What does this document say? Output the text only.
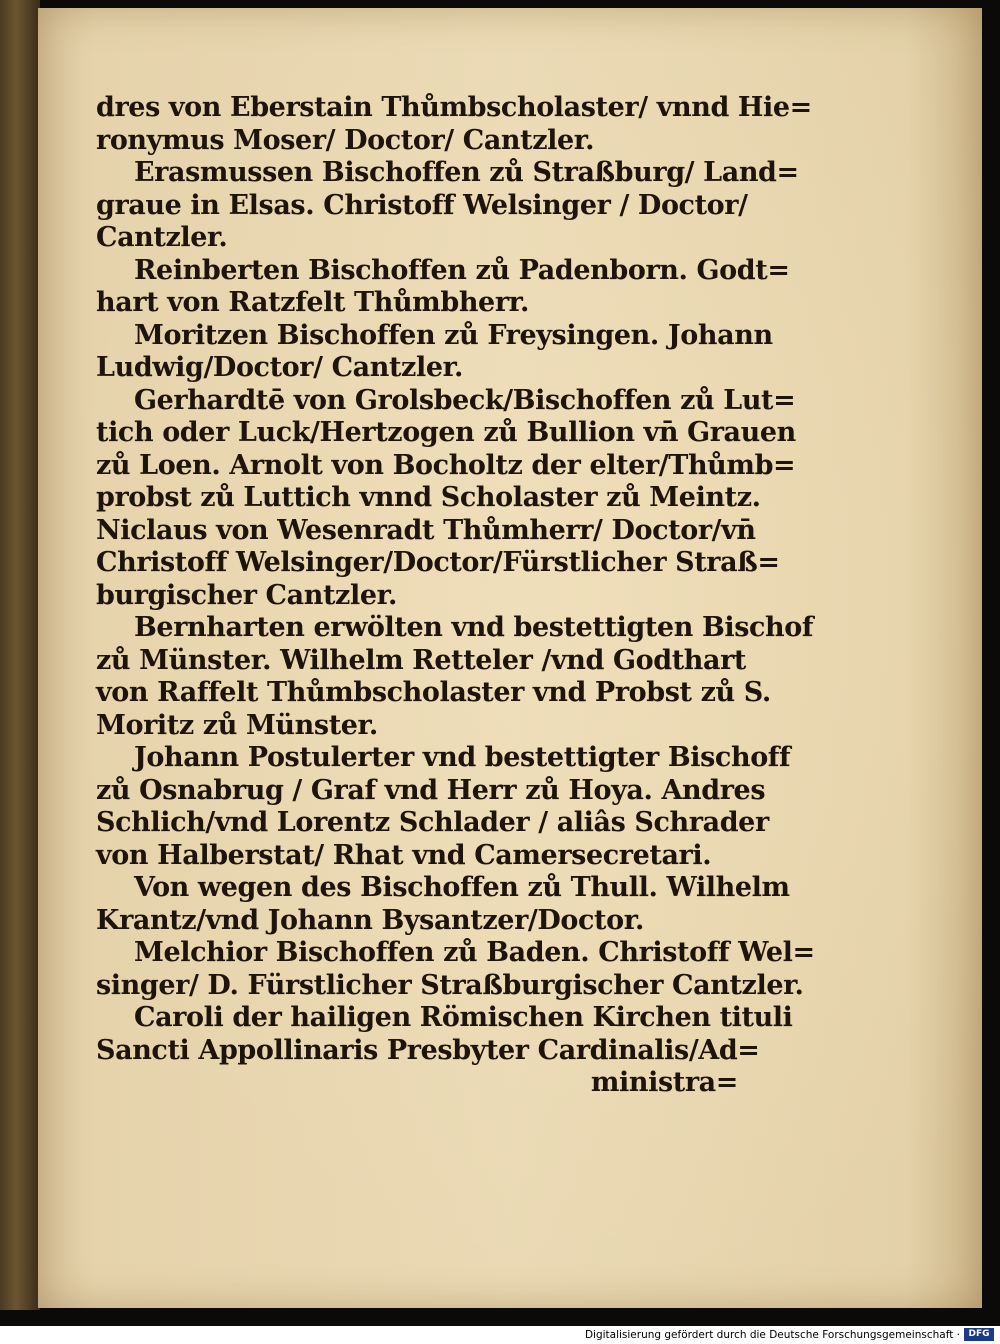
dres von Eberstain Thůmbscholaster/ vnnd Hie=
ronymus Moser/ Doctor/ Cantzler.
Erasmussen Bischoffen zů Straßburg/ Land=
graue in Elsas. Christoff Welsinger / Doctor/
Cantzler.
Reinberten Bischoffen zů Padenborn. Godt=
hart von Ratzfelt Thůmbherr.
Moritzen Bischoffen zů Freysingen. Johann
Ludwig/Doctor/ Cantzler.
Gerhardtē von Grolsbeck/Bischoffen zů Lut=
tich oder Luck/Hertzogen zů Bullion vn̄ Grauen
zů Loen. Arnolt von Bocholtz der elter/Thůmb=
probst zů Luttich vnnd Scholaster zů Meintz.
Niclaus von Wesenradt Thůmherr/ Doctor/vn̄
Christoff Welsinger/Doctor/Fürstlicher Straß=
burgischer Cantzler.
Bernharten erwölten vnd bestettigten Bischof
zů Münster. Wilhelm Retteler /vnd Godthart
von Raffelt Thůmbscholaster vnd Probst zů S.
Moritz zů Münster.
Johann Postulerter vnd bestettigter Bischoff
zů Osnabrug / Graf vnd Herr zů Hoya. Andres
Schlich/vnd Lorentz Schlader / aliâs Schrader
von Halberstat/ Rhat vnd Camersecretari.
Von wegen des Bischoffen zů Thull. Wilhelm
Krantz/vnd Johann Bysantzer/Doctor.
Melchior Bischoffen zů Baden. Christoff Wel=
singer/ D. Fürstlicher Straßburgischer Cantzler.
Caroli der hailigen Römischen Kirchen tituli
Sancti Appollinaris Presbyter Cardinalis/Ad=
ministra=
Digitalisierung gefördert durch die Deutsche Forschungsgemeinschaft · DFG
